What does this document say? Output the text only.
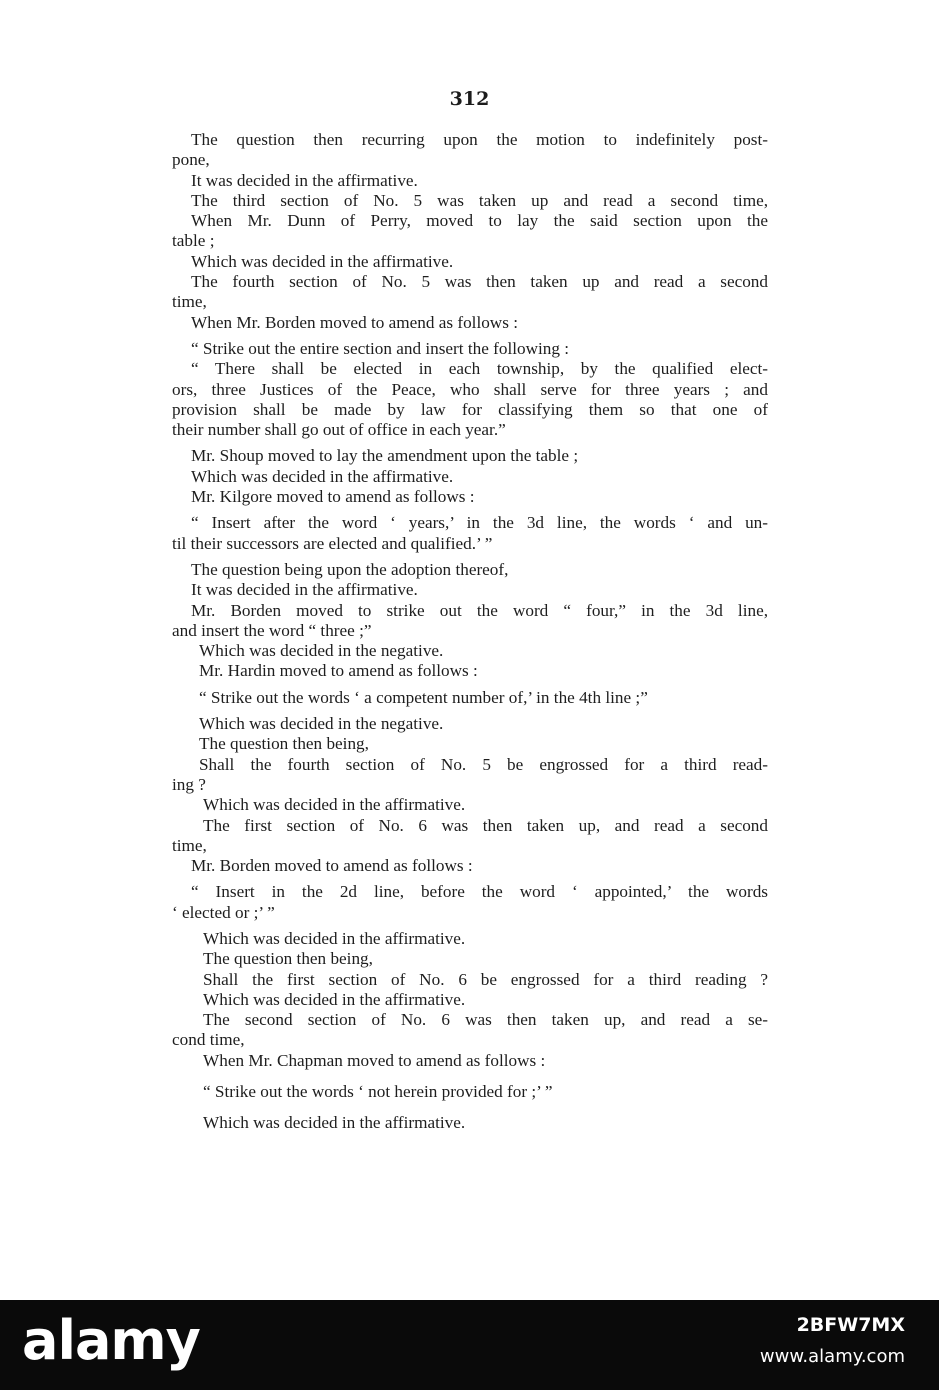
312
The question then recurring upon the motion to indefinitely post-
pone,
It was decided in the affirmative.
The third section of No. 5 was taken up and read a second time,
When Mr. Dunn of Perry, moved to lay the said section upon the
table ;
Which was decided in the affirmative.
The fourth section of No. 5 was then taken up and read a second
time,
When Mr. Borden moved to amend as follows :
“ Strike out the entire section and insert the following :
“ There shall be elected in each township, by the qualified elect-
ors, three Justices of the Peace, who shall serve for three years ; and
provision shall be made by law for classifying them so that one of
their number shall go out of office in each year.”
Mr. Shoup moved to lay the amendment upon the table ;
Which was decided in the affirmative.
Mr. Kilgore moved to amend as follows :
“ Insert after the word ‘ years,’ in the 3d line, the words ‘ and un-
til their successors are elected and qualified.’ ”
The question being upon the adoption thereof,
It was decided in the affirmative.
Mr. Borden moved to strike out the word “ four,” in the 3d line,
and insert the word “ three ;”
Which was decided in the negative.
Mr. Hardin moved to amend as follows :
“ Strike out the words ‘ a competent number of,’ in the 4th line ;”
Which was decided in the negative.
The question then being,
Shall the fourth section of No. 5 be engrossed for a third read-
ing ?
Which was decided in the affirmative.
The first section of No. 6 was then taken up, and read a second
time,
Mr. Borden moved to amend as follows :
“ Insert in the 2d line, before the word ‘ appointed,’ the words
‘ elected or ;’ ”
Which was decided in the affirmative.
The question then being,
Shall the first section of No. 6 be engrossed for a third reading ?
Which was decided in the affirmative.
The second section of No. 6 was then taken up, and read a se-
cond time,
When Mr. Chapman moved to amend as follows :
“ Strike out the words ‘ not herein provided for ;’ ”
Which was decided in the affirmative.
alamy	2BFW7MX
www.alamy.com
